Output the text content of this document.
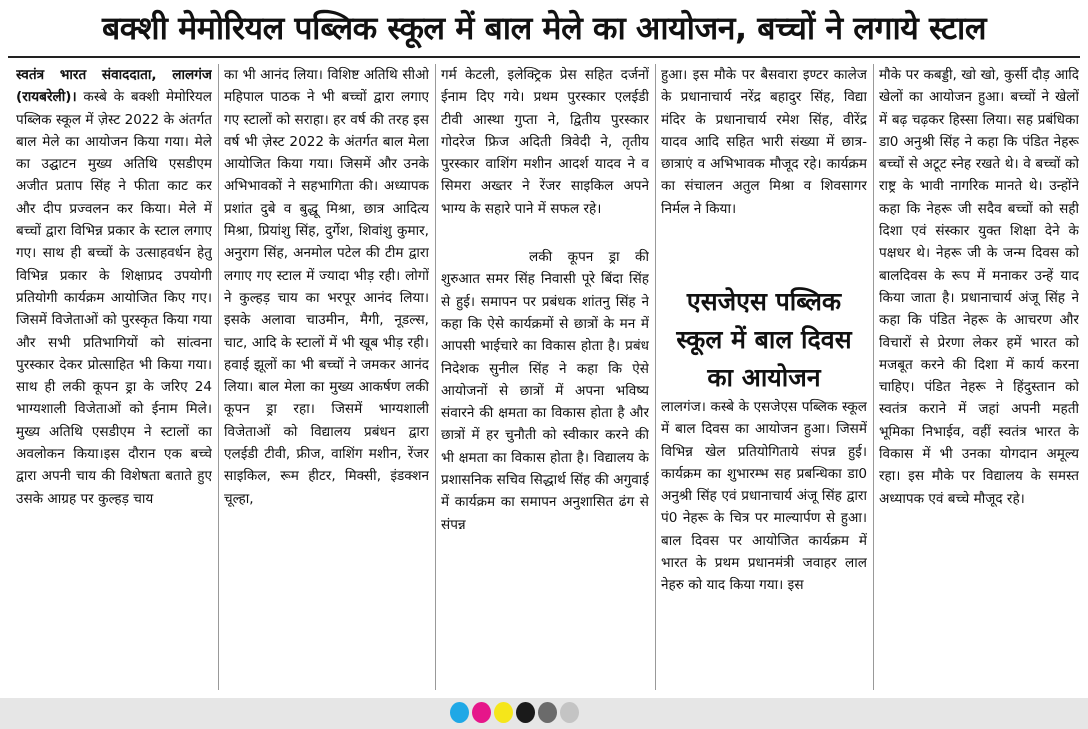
बक्शी मेमोरियल पब्लिक स्कूल में बाल मेले का आयोजन, बच्चों ने लगाये स्टाल

स्वतंत्र भारत संवाददाता, लालगंज (रायबरेली)। कस्बे के बक्शी मेमोरियल पब्लिक स्कूल में ज़ेस्ट 2022 के अंतर्गत बाल मेले का आयोजन किया गया। मेले का उद्घाटन मुख्य अतिथि एसडीएम अजीत प्रताप सिंह ने फीता काट कर और दीप प्रज्वलन कर किया। मेले में बच्चों द्वारा विभिन्न प्रकार के स्टाल लगाए गए। साथ ही बच्चों के उत्साहवर्धन हेतु विभिन्न प्रकार के शिक्षाप्रद उपयोगी प्रतियोगी कार्यक्रम आयोजित किए गए। जिसमें विजेताओं को पुरस्कृत किया गया और सभी प्रतिभागियों को सांत्वना पुरस्कार देकर प्रोत्साहित भी किया गया। साथ ही लकी कूपन ड्रा के जरिए 24 भाग्यशाली विजेताओं को ईनाम मिले। मुख्य अतिथि एसडीएम ने स्टालों का अवलोकन किया।इस दौरान एक बच्चे द्वारा अपनी चाय की विशेषता बताते हुए उसके आग्रह पर कुल्हड़ चाय

का भी आनंद लिया। विशिष्ट अतिथि सीओ महिपाल पाठक ने भी बच्चों द्वारा लगाए गए स्टालों को सराहा। हर वर्ष की तरह इस वर्ष भी ज़ेस्ट 2022 के अंतर्गत बाल मेला आयोजित किया गया। जिसमें और उनके अभिभावकों ने सहभागिता की। अध्यापक प्रशांत दुबे व बुद्धू मिश्रा, छात्र आदित्य मिश्रा, प्रियांशु सिंह, दुर्गेश, शिवांशु कुमार, अनुराग सिंह, अनमोल पटेल की टीम द्वारा लगाए गए स्टाल में ज्यादा भीड़ रही। लोगों ने कुल्हड़ चाय का भरपूर आनंद लिया। इसके अलावा चाउमीन, मैगी, नूडल्स, चाट, आदि के स्टालों में भी खूब भीड़ रही। हवाई झूलों का भी बच्चों ने जमकर आनंद लिया। बाल मेला का मुख्य आकर्षण लकी कूपन ड्रा रहा। जिसमें भाग्यशाली विजेताओं को विद्यालय प्रबंधन द्वारा एलईडी टीवी, फ्रीज, वाशिंग मशीन, रेंजर साइकिल, रूम हीटर, मिक्सी, इंडक्शन चूल्हा,

गर्म केटली, इलेक्ट्रिक प्रेस सहित दर्जनों ईनाम दिए गये। प्रथम पुरस्कार एलईडी टीवी आस्था गुप्ता ने, द्वितीय पुरस्कार गोदरेज फ्रिज अदिती त्रिवेदी ने, तृतीय पुरस्कार वाशिंग मशीन आदर्श यादव ने व सिमरा अख्तर ने रेंजर साइकिल अपने भाग्य के सहारे पाने में सफल रहे।

लकी कूपन ड्रा की शुरुआत समर सिंह निवासी पूरे बिंदा सिंह से हुई। समापन पर प्रबंधक शांतनु सिंह ने कहा कि ऐसे कार्यक्रमों से छात्रों के मन में आपसी भाईचारे का विकास होता है। प्रबंध निदेशक सुनील सिंह ने कहा कि ऐसे आयोजनों से छात्रों में अपना भविष्य संवारने की क्षमता का विकास होता है और छात्रों में हर चुनौती को स्वीकार करने की भी क्षमता का विकास होता है। विद्यालय के प्रशासनिक सचिव सिद्धार्थ सिंह की अगुवाई में कार्यक्रम का समापन अनुशासित ढंग से संपन्न

हुआ। इस मौके पर बैसवारा इण्टर कालेज के प्रधानाचार्य नरेंद्र बहादुर सिंह, विद्या मंदिर के प्रधानाचार्य रमेश सिंह, वीरेंद्र यादव आदि सहित भारी संख्या में छात्र-छात्राएं व अभिभावक मौजूद रहे। कार्यक्रम का संचालन अतुल मिश्रा व शिवसागर निर्मल ने किया।

एसजेएस पब्लिक स्कूल में बाल दिवस का आयोजन

लालगंज। कस्बे के एसजेएस पब्लिक स्कूल में बाल दिवस का आयोजन हुआ। जिसमें विभिन्न खेल प्रतियोगिताये संपन्न हुई। कार्यक्रम का शुभारम्भ सह प्रबन्धिका डा0 अनुश्री सिंह एवं प्रधानाचार्य अंजू सिंह द्वारा पं0 नेहरू के चित्र पर माल्यार्पण से हुआ। बाल दिवस पर आयोजित कार्यक्रम में भारत के प्रथम प्रधानमंत्री जवाहर लाल नेहरु को याद किया गया। इस

मौके पर कबड्डी, खो खो, कुर्सी दौड़ आदि खेलों का आयोजन हुआ। बच्चों ने खेलों में बढ़ चढ़कर हिस्सा लिया। सह प्रबंधिका डा0 अनुश्री सिंह ने कहा कि पंडित नेहरू बच्चों से अटूट स्नेह रखते थे। वे बच्चों को राष्ट्र के भावी नागरिक मानते थे। उन्होंने कहा कि नेहरू जी सदैव बच्चों को सही दिशा एवं संस्कार युक्त शिक्षा देने के पक्षधर थे। नेहरू जी के जन्म दिवस को बालदिवस के रूप में मनाकर उन्हें याद किया जाता है। प्रधानाचार्य अंजू सिंह ने कहा कि पंडित नेहरू के आचरण और विचारों से प्रेरणा लेकर हमें भारत को मजबूत करने की दिशा में कार्य करना चाहिए। पंडित नेहरू ने हिंदुस्तान को स्वतंत्र कराने में जहां अपनी महती भूमिका निभाईव, वहीं स्वतंत्र भारत के विकास में भी उनका योगदान अमूल्य रहा। इस मौके पर विद्यालय के समस्त अध्यापक एवं बच्चे मौजूद रहे।
